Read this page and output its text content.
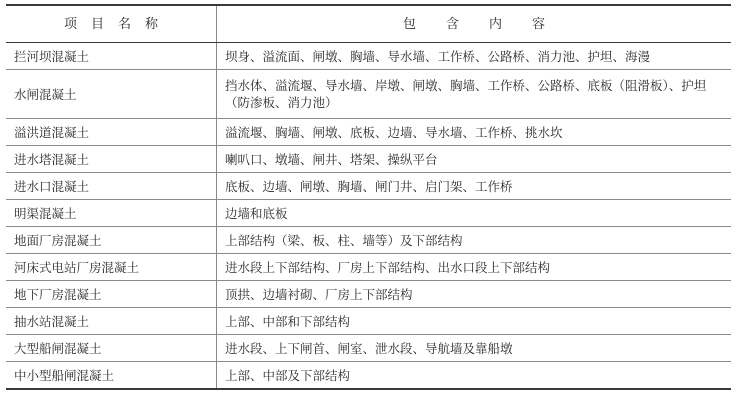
项目名称	包含内容
拦河坝混凝土	坝身、溢流面、闸墩、胸墙、导水墙、工作桥、公路桥、消力池、护坦、海漫
水闸混凝土	挡水体、溢流堰、导水墙、岸墩、闸墩、胸墙、工作桥、公路桥、底板（阻滑板）、护坦（防渗板、消力池）
溢洪道混凝土	溢流堰、胸墙、闸墩、底板、边墙、导水墙、工作桥、挑水坎
进水塔混凝土	喇叭口、墩墙、闸井、塔架、操纵平台
进水口混凝土	底板、边墙、闸墩、胸墙、闸门井、启门架、工作桥
明渠混凝土	边墙和底板
地面厂房混凝土	上部结构（梁、板、柱、墙等）及下部结构
河床式电站厂房混凝土	进水段上下部结构、厂房上下部结构、出水口段上下部结构
地下厂房混凝土	顶拱、边墙衬砌、厂房上下部结构
抽水站混凝土	上部、中部和下部结构
大型船闸混凝土	进水段、上下闸首、闸室、泄水段、导航墙及靠船墩
中小型船闸混凝土	上部、中部及下部结构
